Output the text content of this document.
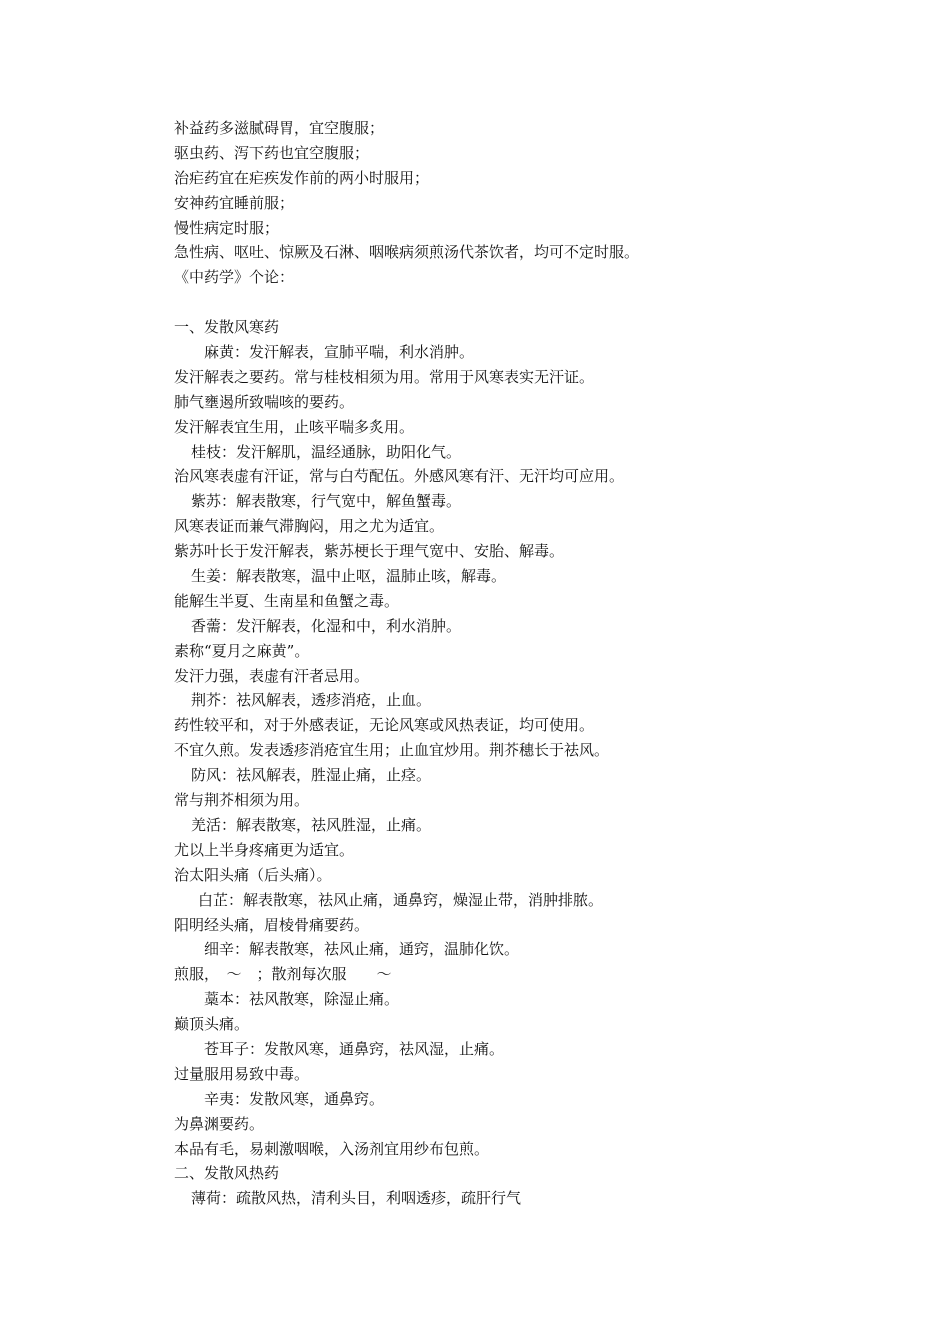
补益药多滋腻碍胃，宜空腹服；
驱虫药、泻下药也宜空腹服；
治疟药宜在疟疾发作前的两小时服用；
安神药宜睡前服；
慢性病定时服；
急性病、呕吐、惊厥及石淋、咽喉病须煎汤代茶饮者，均可不定时服。
《中药学》个论：
一、发散风寒药
麻黄：发汗解表，宣肺平喘，利水消肿。
发汗解表之要药。常与桂枝相须为用。常用于风寒表实无汗证。
肺气壅遏所致喘咳的要药。
发汗解表宜生用，止咳平喘多炙用。
桂枝：发汗解肌，温经通脉，助阳化气。
治风寒表虚有汗证，常与白芍配伍。外感风寒有汗、无汗均可应用。
紫苏：解表散寒，行气宽中，解鱼蟹毒。
风寒表证而兼气滞胸闷，用之尤为适宜。
紫苏叶长于发汗解表，紫苏梗长于理气宽中、安胎、解毒。
生姜：解表散寒，温中止呕，温肺止咳，解毒。
能解生半夏、生南星和鱼蟹之毒。
香薷：发汗解表，化湿和中，利水消肿。
素称“夏月之麻黄”。
发汗力强，表虚有汗者忌用。
荆芥：祛风解表，透疹消疮，止血。
药性较平和，对于外感表证，无论风寒或风热表证，均可使用。
不宜久煎。发表透疹消疮宜生用；止血宜炒用。荆芥穗长于祛风。
防风：祛风解表，胜湿止痛，止痉。
常与荆芥相须为用。
羌活：解表散寒，祛风胜湿，止痛。
尤以上半身疼痛更为适宜。
治太阳头痛（后头痛）。
白芷：解表散寒，祛风止痛，通鼻窍，燥湿止带，消肿排脓。
阳明经头痛，眉棱骨痛要药。
细辛：解表散寒，祛风止痛，通窍，温肺化饮。
煎服，　～　；散剂每次服　　～
藁本：祛风散寒，除湿止痛。
巅顶头痛。
苍耳子：发散风寒，通鼻窍，祛风湿，止痛。
过量服用易致中毒。
辛夷：发散风寒，通鼻窍。
为鼻渊要药。
本品有毛，易刺激咽喉，入汤剂宜用纱布包煎。
二、发散风热药
薄荷：疏散风热，清利头目，利咽透疹，疏肝行气
